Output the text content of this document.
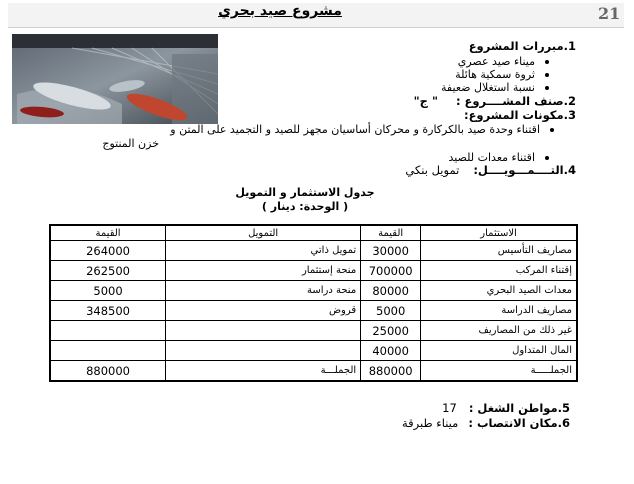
21
مشروع صيد بحري
1.مبررات المشروع
ميناء صيد عصري
ثروة سمكية هائلة
نسبة استغلال ضعيفة
2.صنف المشــــروع : " ج"
3.مكونات المشروع:
اقتناء وحدة صيد بالكركارة و محركان أساسيان مجهز للصيد و التجميد على المتن و
خزن المنتوج
اقتناء معدات للصيد
4.التــــمـــويــــل: تمويل بنكي
جدول الاستثمار و التمويل
( الوحدة: دينار )
القيمة	التمويل	القيمة	الاستثمار
264000	تمويل ذاتي	30000	مصاريف التأسيس
262500	منحة إستثمار	700000	إقتناء المركب
5000	منحة دراسة	80000	معدات الصيد البحري
348500	قروض	5000	مصاريف الدراسة
		25000	غير ذلك من المصاريف
		40000	المال المتداول
880000	الجملـــة	880000	الجملـــــة
5.مواطن الشغل : 17
6.مكان الانتصاب : ميناء طبرقة
